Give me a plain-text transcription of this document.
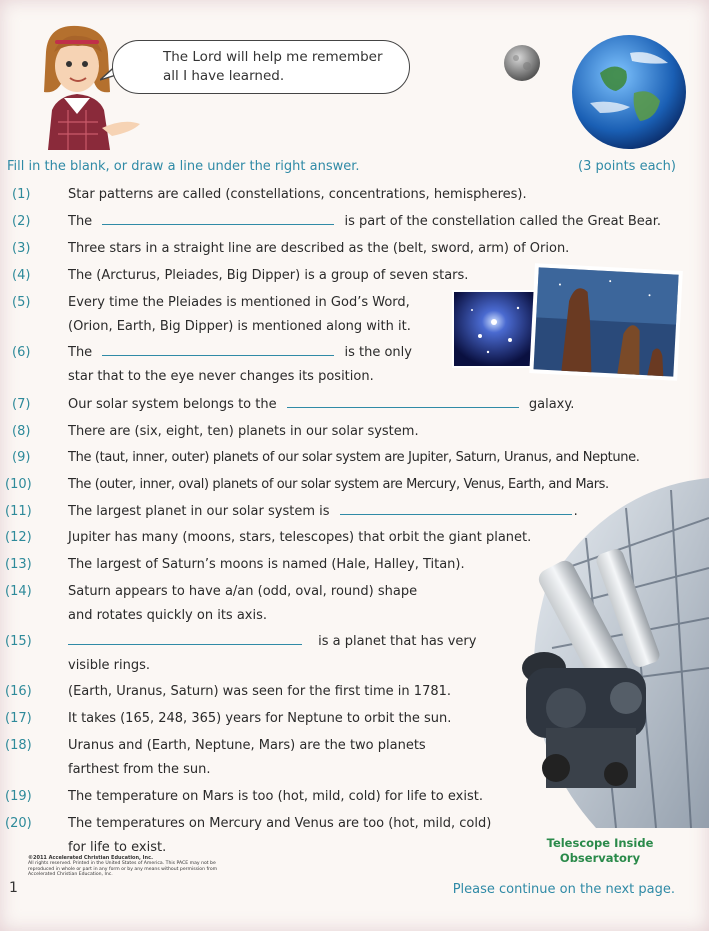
The Lord will help me remember
all I have learned.
Fill in the blank, or draw a line under the right answer.	(3 points each)
(1)	Star patterns are called (constellations, concentrations, hemispheres).
(2)	The	is part of the constellation called the Great Bear.
(3)	Three stars in a straight line are described as the (belt, sword, arm) of Orion.
(4)	The (Arcturus, Pleiades, Big Dipper) is a group of seven stars.
(5)	Every time the Pleiades is mentioned in God’s Word,
(Orion, Earth, Big Dipper) is mentioned along with it.
(6)	The	is the only
star that to the eye never changes its position.
(7)	Our solar system belongs to the	galaxy.
(8)	There are (six, eight, ten) planets in our solar system.
(9)	The (taut, inner, outer) planets of our solar system are Jupiter, Saturn, Uranus, and Neptune.
(10)	The (outer, inner, oval) planets of our solar system are Mercury, Venus, Earth, and Mars.
(11)	The largest planet in our solar system is	.
(12)	Jupiter has many (moons, stars, telescopes) that orbit the giant planet.
(13)	The largest of Saturn’s moons is named (Hale, Halley, Titan).
(14)	Saturn appears to have a/an (odd, oval, round) shape
and rotates quickly on its axis.
(15)	is a planet that has very
visible rings.
(16)	(Earth, Uranus, Saturn) was seen for the first time in 1781.
(17)	It takes (165, 248, 365) years for Neptune to orbit the sun.
(18)	Uranus and (Earth, Neptune, Mars) are the two planets
farthest from the sun.
(19)	The temperature on Mars is too (hot, mild, cold) for life to exist.
(20)	The temperatures on Mercury and Venus are too (hot, mild, cold)
for life to exist.	Telescope Inside
Observatory
©2011 Accelerated Christian Education, Inc.
All rights reserved. Printed in the United States of America. This PACE may not be reproduced in whole or part in any form or by any means without permission from Accelerated Christian Education, Inc.
1	Please continue on the next page.
